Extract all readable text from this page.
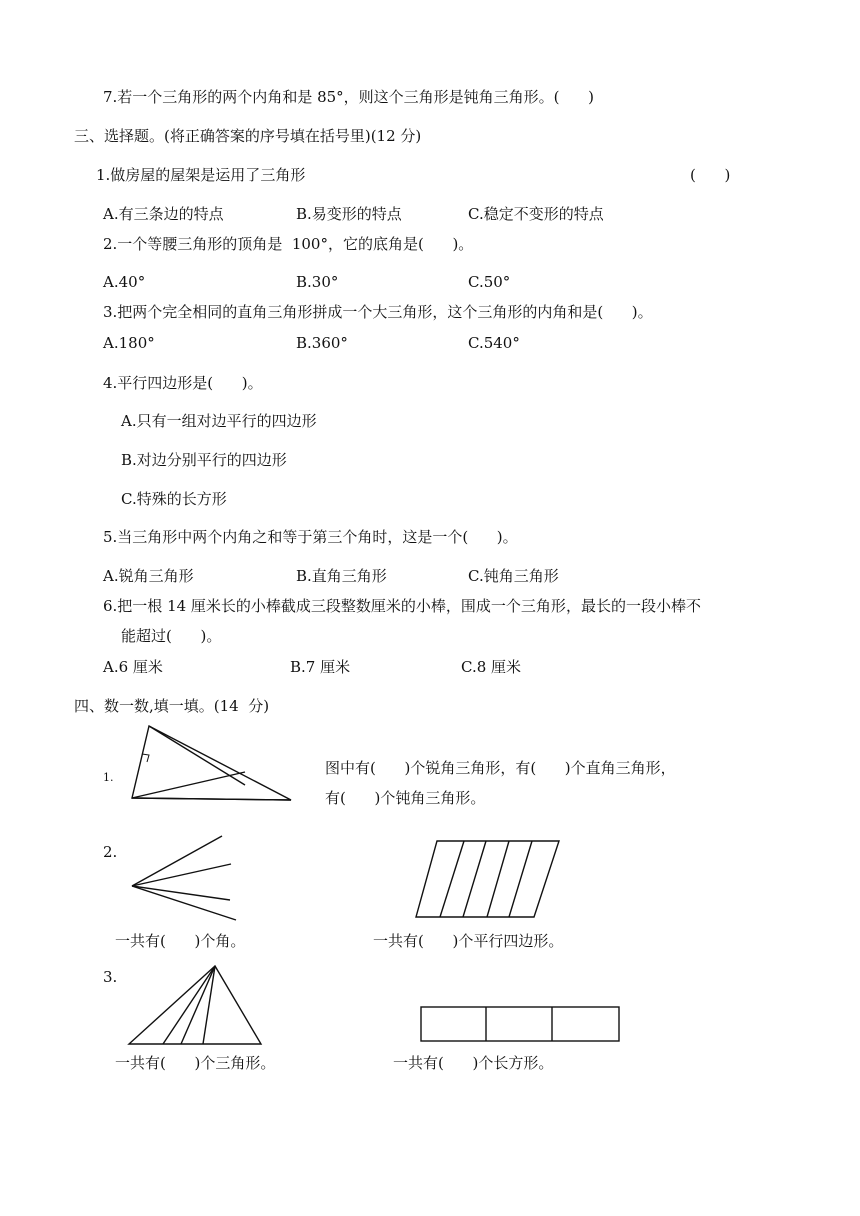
7.若一个三角形的两个内角和是 85°，则这个三角形是钝角三角形。(      )
三、选择题。(将正确答案的序号填在括号里)(12 分)
1.做房屋的屋架是运用了三角形	(      )
A.有三条边的特点	B.易变形的特点	C.稳定不变形的特点
2.一个等腰三角形的顶角是  100°，它的底角是(      )。
A.40°	B.30°	C.50°
3.把两个完全相同的直角三角形拼成一个大三角形，这个三角形的内角和是(      )。
A.180°	B.360°	C.540°
4.平行四边形是(      )。
A.只有一组对边平行的四边形
B.对边分别平行的四边形
C.特殊的长方形
5.当三角形中两个内角之和等于第三个角时，这是一个(      )。
A.锐角三角形	B.直角三角形	C.钝角三角形
6.把一根 14 厘米长的小棒截成三段整数厘米的小棒，围成一个三角形，最长的一段小棒不
能超过(      )。
A.6 厘米	B.7 厘米	C.8 厘米
四、数一数,填一填。(14  分)
1.
图中有(      )个锐角三角形，有(      )个直角三角形，
有(      )个钝角三角形。
2.
一共有(      )个角。	一共有(      )个平行四边形。
3.
一共有(      )个三角形。	一共有(      )个长方形。
